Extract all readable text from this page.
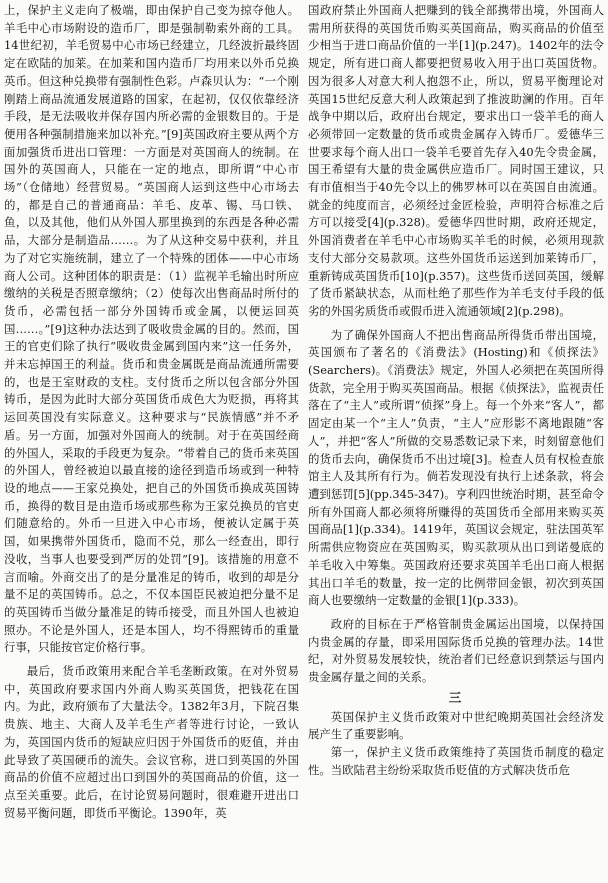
上，保护主义走向了极端，即由保护自己变为掠夺他人。羊毛中心市场附设的造币厂，即是强制勒索外商的工具。14世纪初，羊毛贸易中心市场已经建立，几经波折最终固定在欧陆的加莱。在加莱和国内造币厂均用来以外币兑换英币。但这种兑换带有强制性色彩。卢森贝认为：“一个刚刚踏上商品流通发展道路的国家，在起初，仅仅依靠经济手段，是无法吸收并保存国内所必需的金银数目的。于是便用各种强制措施来加以补充。”[9]英国政府主要从两个方面加强货币进出口管理：一方面是对英国商人的统制。在国外的英国商人，只能在一定的地点，即所谓“中心市场”（仓储地）经营贸易。“英国商人运到这些中心市场去的，都是自己的普通商品：羊毛、皮革、锡、马口铁、鱼，以及其他，他们从外国人那里换到的东西是各种必需品，大部分是制造品……。为了从这种交易中获利，并且为了对它实施统制，建立了一个特殊的团体——中心市场商人公司。这种团体的职责是：（1）监视羊毛输出时所应缴纳的关税是否照章缴纳；（2）使每次出售商品时所付的货币，必需包括一部分外国铸币或金属，以便运回英国……。”[9]这种办法达到了吸收贵金属的目的。然而，国王的官吏们除了执行“吸收贵金属到国内来”这一任务外，并未忘掉国王的利益。货币和贵金属既是商品流通所需要的，也是王室财政的支柱。支付货币之所以包含部分外国铸币，是因为此时大部分英国货币成色大为贬损，再将其运回英国没有实际意义。这种要求与“民族情感”并不矛盾。另一方面，加强对外国商人的统制。对于在英国经商的外国人，采取的手段更为复杂。“带着自己的货币来英国的外国人，曾经被迫以最直接的途径到造币场或到一种特设的地点——王家兑换处，把自己的外国货币换成英国铸币，换得的数目是由造币场或那些称为王家兑换员的官吏们随意给的。外币一旦进入中心市场，便被认定属于英国，如果携带外国货币，隐而不兑，那么一经查出，即行没收，当事人也要受到严厉的处罚”[9]。该措施的用意不言而喻。外商交出了的是分量准足的铸币，收到的却是分量不足的英国铸币。总之，不仅本国臣民被迫把分量不足的英国铸币当做分量准足的铸币接受，而且外国人也被迫照办。不论是外国人，还是本国人，均不得熙铸币的重量行事，只能按官定价格行事。

最后，货币政策用来配合羊毛垄断政策。在对外贸易中，英国政府要求国内外商人购买英国货，把钱花在国内。为此，政府颁布了大量法令。1382年3月，下院召集贵族、地主、大商人及羊毛生产者等进行讨论，一致认为，英国国内货币的短缺应归因于外国货币的贬值，并由此导致了英国硬币的流失。会议官称，进口到英国的外国商品的价值不应超过出口到国外的英国商品的价值，这一点至关重要。此后，在讨论贸易问题时，很难避开进出口贸易平衡问题，即货币平衡论。1390年，英

国政府禁止外国商人把赚到的钱全部携带出境，外国商人需用所获得的英国货币购买英国商品，购买商品的价值至少相当于进口商品价值的一半[1](p.247)。1402年的法令规定，所有进口商人都要把贸易收入用于出口英国货物。因为很多人对意大利人抱怨不止，所以，贸易平衡理论对英国15世纪反意大利人政策起到了推波助澜的作用。百年战争中期以后，政府出台规定，要求出口一袋羊毛的商人必须带回一定数量的货币或贵金属存入铸币厂。爱德华三世要求每个商人出口一袋羊毛要首先存入40先令贵金属，国王希望有大量的贵金属供应造币厂。同时国王建议，只有市值相当于40先令以上的佛罗林可以在英国自由流通。就金的纯度而言，必须经过金匠检验，声明符合标准之后方可以接受[4](p.328)。爱德华四世时期，政府还规定，外国消费者在羊毛中心市场购买羊毛的时候，必须用现款支付大部分交易款项。这些外国货币运送到加莱铸币厂，重新铸成英国货币[10](p.357)。这些货币送回英国，缓解了货币紧缺状态，从而杜绝了那些作为羊毛支付手段的低劣的外国劣质货币或假币进入流通领域[2](p.298)。

为了确保外国商人不把出售商品所得货币带出国境，英国颁布了著名的《消费法》(Hosting)和《侦探法》(Searchers)。《消费法》规定，外国人必须把在英国所得货款，完全用于购买英国商品。根据《侦探法》，监视责任落在了“主人”或所谓“侦探”身上。每一个外来“客人”，都固定由某一个“主人”负责，“主人”应形影不离地跟随“客人”，并把“客人”所做的交易悉数记录下来，时刻留意他们的货币去向，确保货币不出过境[3]。检查人员有权检查旅馆主人及其所有行为。倘若发现没有执行上述条款，将会遭到惩罚[5](pp.345-347)。亨利四世统治时期，甚至命令所有外国商人都必须将所赚得的英国货币全部用来购买英国商品[1](p.334)。1419年，英国议会规定，驻法国英军所需供应物资应在英国购买，购买款项从出口到诺曼底的羊毛收入中筹集。英国政府还要求英国羊毛出口商人根据其出口羊毛的数量，按一定的比例带回金银，初次到英国商人也要缴纳一定数量的金银[1](p.333)。

政府的目标在于严格管制贵金属运出国境，以保持国内贵金属的存量，即采用国际货币兑换的管理办法。14世纪，对外贸易发展较快，统治者们已经意识到禁运与国内贵金属存量之间的关系。

三

英国保护主义货币政策对中世纪晚期英国社会经济发展产生了重要影响。

第一，保护主义货币政策维持了英国货币制度的稳定性。当欧陆君主纷纷采取货币贬值的方式解决货币危
